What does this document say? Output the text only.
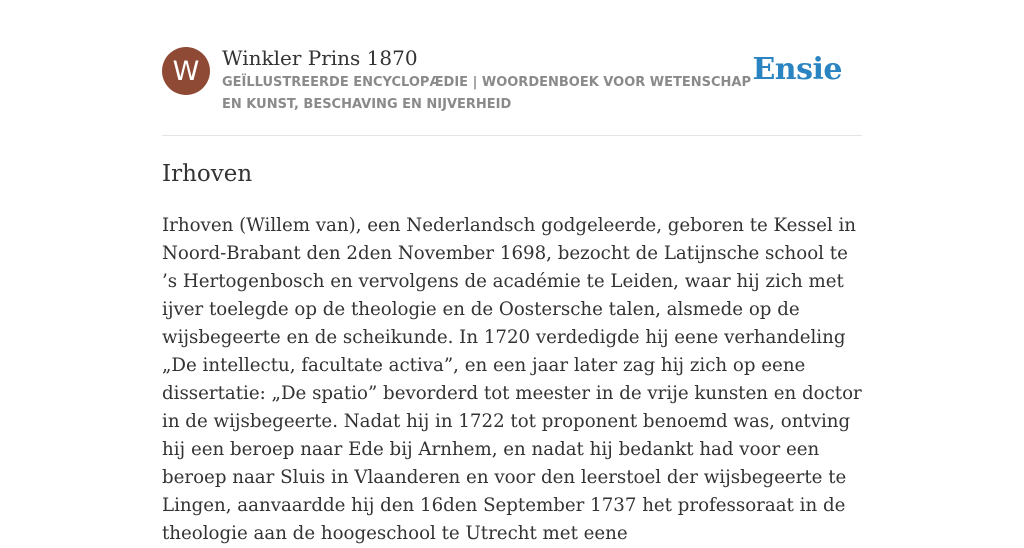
W	Winkler Prins 1870
GEÏLLUSTREERDE ENCYCLOPÆDIE | WOORDENBOEK VOOR WETENSCHAP EN KUNST, BESCHAVING EN NIJVERHEID
Ensie
Irhoven

Irhoven (Willem van), een Nederlandsch godgeleerde, geboren te Kessel in Noord-Brabant den 2den November 1698, bezocht de Latijnsche school te ’s Hertogenbosch en vervolgens de académie te Leiden, waar hij zich met ijver toelegde op de theologie en de Oostersche talen, alsmede op de wijsbegeerte en de scheikunde. In 1720 verdedigde hij eene verhandeling „De intellectu, facultate activa”, en een jaar later zag hij zich op eene dissertatie: „De spatio” bevorderd tot meester in de vrije kunsten en doctor in de wijsbegeerte. Nadat hij in 1722 tot proponent benoemd was, ontving hij een beroep naar Ede bij Arnhem, en nadat hij bedankt had voor een beroep naar Sluis in Vlaanderen en voor den leerstoel der wijsbegeerte te Lingen, aanvaardde hij den 16den September 1737 het professoraat in de theologie aan de hoogeschool te Utrecht met eene
